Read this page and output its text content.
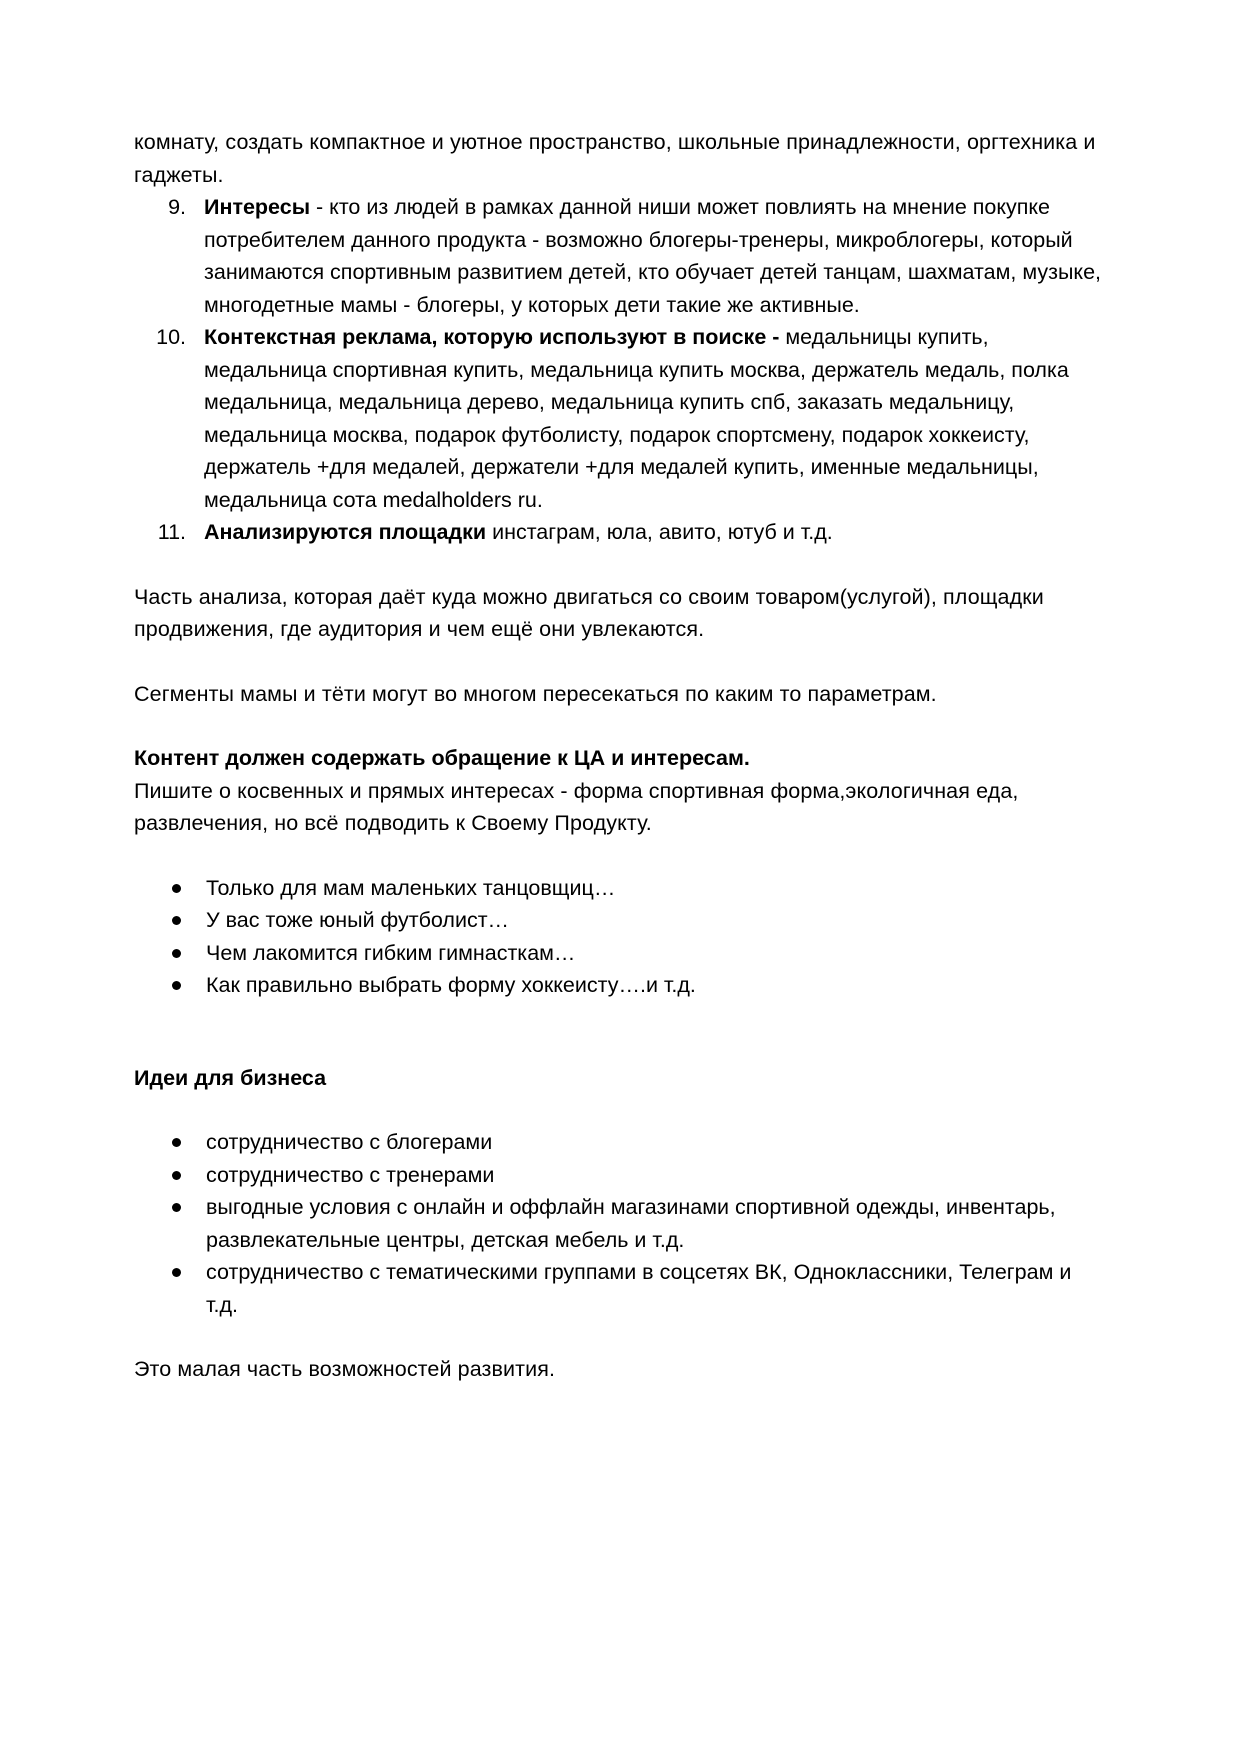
комнату, создать компактное и уютное пространство, школьные принадлежности, оргтехника и гаджеты.

9. Интересы - кто из людей в рамках данной ниши может повлиять на мнение покупке потребителем данного продукта - возможно блогеры-тренеры, микроблогеры, который занимаются спортивным развитием детей, кто обучает детей танцам, шахматам, музыке, многодетные мамы - блогеры, у которых дети такие же активные.
10. Контекстная реклама, которую используют в поиске - медальницы купить, медальница спортивная купить, медальница купить москва, держатель медаль, полка медальница, медальница дерево, медальница купить спб, заказать медальницу, медальница москва, подарок футболисту, подарок спортсмену, подарок хоккеисту, держатель +для медалей, держатели +для медалей купить, именные медальницы, медальница сота medalholders ru.
11. Анализируются площадки инстаграм, юла, авито, ютуб и т.д.

Часть анализа, которая даёт куда можно двигаться со своим товаром(услугой), площадки продвижения, где аудитория и чем ещё они увлекаются.

Сегменты мамы и тёти могут во многом пересекаться по каким то параметрам.

Контент должен содержать обращение к ЦА и интересам.

Пишите о косвенных и прямых интересах - форма спортивная форма,экологичная еда, развлечения, но всё подводить к Своему Продукту.

Только для мам маленьких танцовщиц…
У вас тоже юный футболист…
Чем лакомится гибким гимнасткам…
Как правильно выбрать форму хоккеисту….и т.д.

Идеи для бизнеса

сотрудничество с блогерами
сотрудничество с тренерами
выгодные условия с онлайн и оффлайн магазинами спортивной одежды, инвентарь, развлекательные центры, детская мебель и т.д.
сотрудничество с тематическими группами в соцсетях ВК, Одноклассники, Телеграм и т.д.

Это малая часть возможностей развития.
